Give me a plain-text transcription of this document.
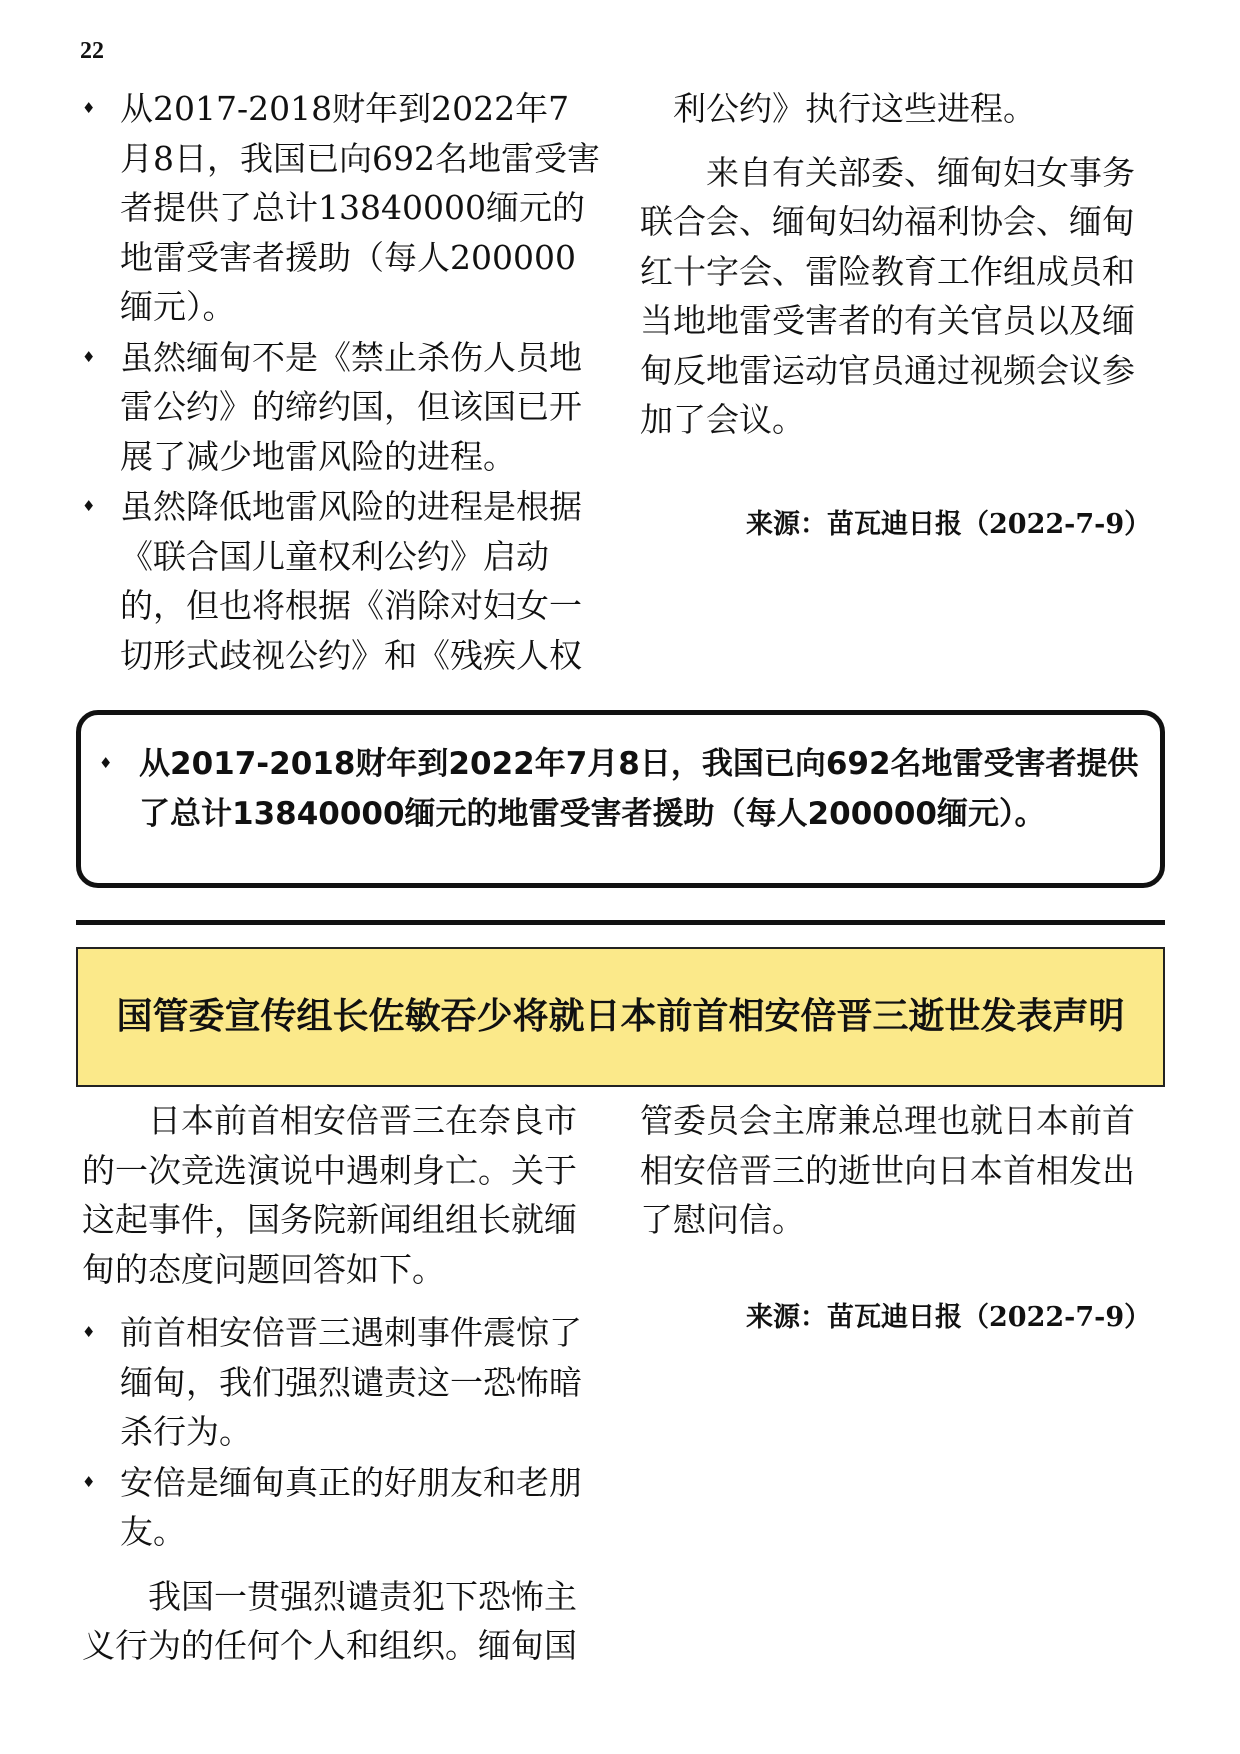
22
♦ 从2017-2018财年到2022年7月8日，我国已向692名地雷受害者提供了总计13840000缅元的地雷受害者援助（每人200000缅元）。
♦ 虽然缅甸不是《禁止杀伤人员地雷公约》的缔约国，但该国已开展了减少地雷风险的进程。
♦ 虽然降低地雷风险的进程是根据《联合国儿童权利公约》启动的，但也将根据《消除对妇女一切形式歧视公约》和《残疾人权

利公约》执行这些进程。

来自有关部委、缅甸妇女事务联合会、缅甸妇幼福利协会、缅甸红十字会、雷险教育工作组成员和当地地雷受害者的有关官员以及缅甸反地雷运动官员通过视频会议参加了会议。

来源：苗瓦迪日报（2022-7-9）
♦ 从2017-2018财年到2022年7月8日，我国已向692名地雷受害者提供了总计13840000缅元的地雷受害者援助（每人200000缅元）。
国管委宣传组长佐敏吞少将就日本前首相安倍晋三逝世发表声明

日本前首相安倍晋三在奈良市的一次竞选演说中遇刺身亡。关于这起事件，国务院新闻组组长就缅甸的态度问题回答如下。

♦ 前首相安倍晋三遇刺事件震惊了缅甸，我们强烈谴责这一恐怖暗杀行为。
♦ 安倍是缅甸真正的好朋友和老朋友。

我国一贯强烈谴责犯下恐怖主义行为的任何个人和组织。缅甸国

管委员会主席兼总理也就日本前首相安倍晋三的逝世向日本首相发出了慰问信。

来源：苗瓦迪日报（2022-7-9）
